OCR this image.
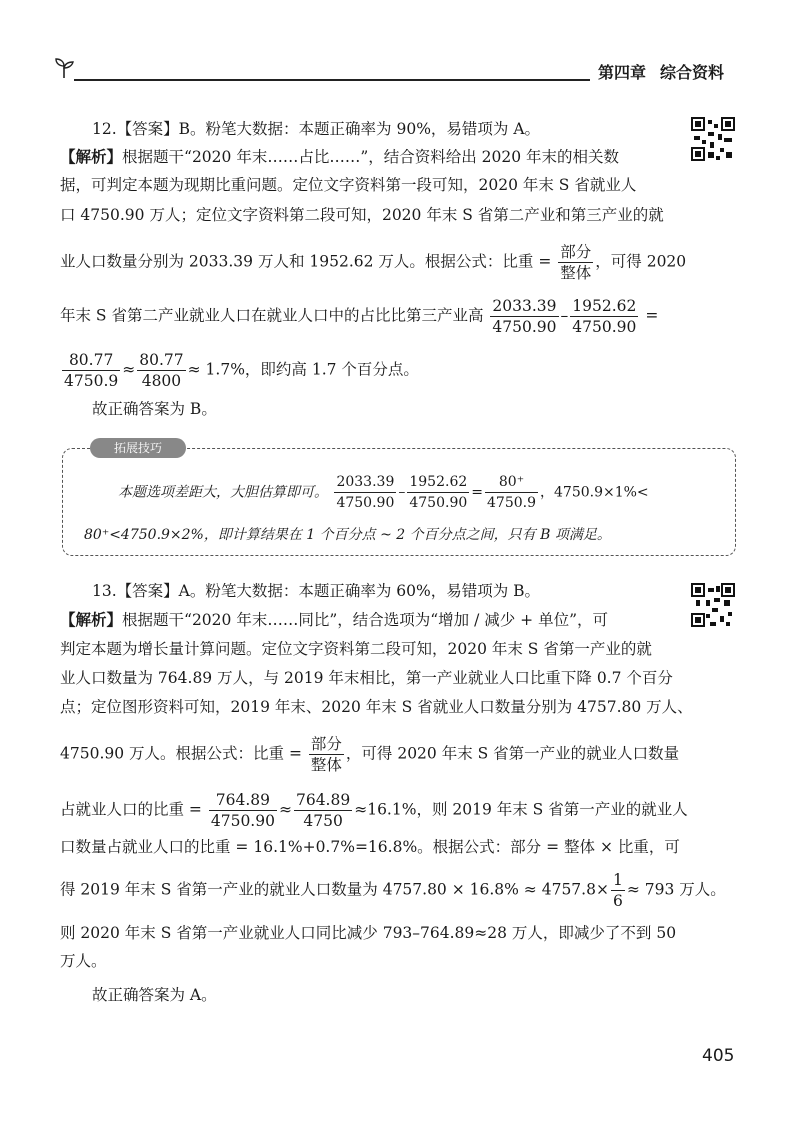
第四章 综合资料
12.【答案】B。粉笔大数据：本题正确率为 90%，易错项为 A。
【解析】根据题干“2020 年末……占比……”，结合资料给出 2020 年末的相关数
据，可判定本题为现期比重问题。定位文字资料第一段可知，2020 年末 S 省就业人
口 4750.90 万人；定位文字资料第二段可知，2020 年末 S 省第二产业和第三产业的就
业人口数量分别为 2033.39 万人和 1952.62 万人。根据公式：比重 = $\frac{\text{部分}}{\text{整体}}$ ，可得 2020
年末 S 省第二产业就业人口在就业人口中的占比比第三产业高 $\frac{2033.39}{4750.90} - \frac{1952.62}{4750.90}$ =
$\frac{80.77}{4750.9} \approx \frac{80.77}{4800} \approx 1.7\%$，即约高 1.7 个百分点。
故正确答案为 B。
拓展技巧
本题选项差距大，大胆估算即可。 $\frac{2033.39}{4750.90} - \frac{1952.62}{4750.90} = \frac{80^+}{4750.9}$ ，4750.9×1%<
80⁺<4750.9×2%，即计算结果在 1 个百分点 ~ 2 个百分点之间，只有 B 项满足。
13.【答案】A。粉笔大数据：本题正确率为 60%，易错项为 B。
【解析】根据题干“2020 年末……同比”，结合选项为“增加 / 减少 + 单位”，可
判定本题为增长量计算问题。定位文字资料第二段可知，2020 年末 S 省第一产业的就
业人口数量为 764.89 万人，与 2019 年末相比，第一产业就业人口比重下降 0.7 个百分
点；定位图形资料可知，2019 年末、2020 年末 S 省就业人口数量分别为 4757.80 万人、
4750.90 万人。根据公式：比重 = $\frac{\text{部分}}{\text{整体}}$ ，可得 2020 年末 S 省第一产业的就业人口数量
占就业人口的比重 = $\frac{764.89}{4750.90} \approx \frac{764.89}{4750} \approx 16.1\%$，则 2019 年末 S 省第一产业的就业人
口数量占就业人口的比重 = 16.1%+0.7%=16.8%。根据公式：部分 = 整体 × 比重，可
得 2019 年末 S 省第一产业的就业人口数量为 $4757.80 \times 16.8\% \approx 4757.8\times \frac{1}{6} \approx 793$ 万人。
则 2020 年末 S 省第一产业就业人口同比减少 793–764.89≈28 万人，即减少了不到 50
万人。
故正确答案为 A。
405
